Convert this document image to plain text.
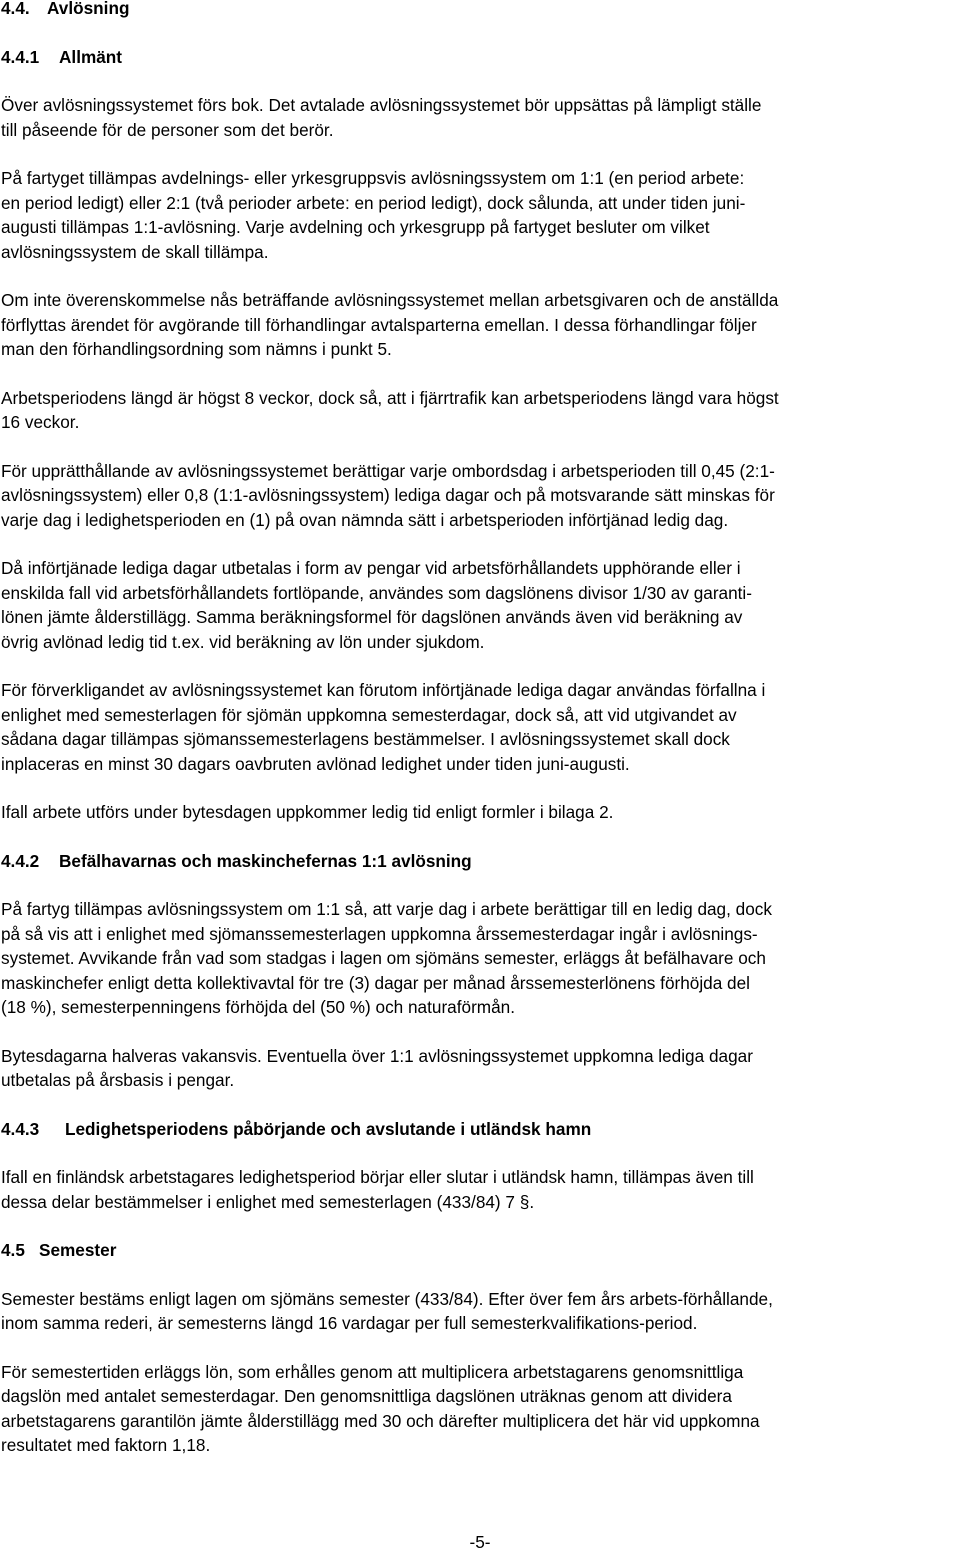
4.4. Avlösning
4.4.1 Allmänt

Över avlösningssystemet förs bok. Det avtalade avlösningssystemet bör uppsättas på lämpligt ställe
till påseende för de personer som det berör.

På fartyget tillämpas avdelnings- eller yrkesgruppsvis avlösningssystem om 1:1 (en period arbete:
en period ledigt) eller 2:1 (två perioder arbete: en period ledigt), dock sålunda, att under tiden juni-
augusti tillämpas 1:1-avlösning. Varje avdelning och yrkesgrupp på fartyget besluter om vilket
avlösningssystem de skall tillämpa.

Om inte överenskommelse nås beträffande avlösningssystemet mellan arbetsgivaren och de anställda
förflyttas ärendet för avgörande till förhandlingar avtalsparterna emellan. I dessa förhandlingar följer
man den förhandlingsordning som nämns i punkt 5.

Arbetsperiodens längd är högst 8 veckor, dock så, att i fjärrtrafik kan arbetsperiodens längd vara högst
16 veckor.

För upprätthållande av avlösningssystemet berättigar varje ombordsdag i arbetsperioden till 0,45 (2:1-
avlösningssystem) eller 0,8 (1:1-avlösningssystem) lediga dagar och på motsvarande sätt minskas för
varje dag i ledighetsperioden en (1) på ovan nämnda sätt i arbetsperioden införtjänad ledig dag.

Då införtjänade lediga dagar utbetalas i form av pengar vid arbetsförhållandets upphörande eller i
enskilda fall vid arbetsförhållandets fortlöpande, användes som dagslönens divisor 1/30 av garanti-
lönen jämte ålderstillägg. Samma beräkningsformel för dagslönen används även vid beräkning av
övrig avlönad ledig tid t.ex. vid beräkning av lön under sjukdom.

För förverkligandet av avlösningssystemet kan förutom införtjänade lediga dagar användas förfallna i
enlighet med semesterlagen för sjömän uppkomna semesterdagar, dock så, att vid utgivandet av
sådana dagar tillämpas sjömanssemesterlagens bestämmelser. I avlösningssystemet skall dock
inplaceras en minst 30 dagars oavbruten avlönad ledighet under tiden juni-augusti.

Ifall arbete utförs under bytesdagen uppkommer ledig tid enligt formler i bilaga 2.

4.4.2 Befälhavarnas och maskinchefernas 1:1 avlösning

På fartyg tillämpas avlösningssystem om 1:1 så, att varje dag i arbete berättigar till en ledig dag, dock
på så vis att i enlighet med sjömanssemesterlagen uppkomna årssemesterdagar ingår i avlösnings-
systemet. Avvikande från vad som stadgas i lagen om sjömäns semester, erläggs åt befälhavare och
maskinchefer enligt detta kollektivavtal för tre (3) dagar per månad årssemesterlönens förhöjda del
(18 %), semesterpenningens förhöjda del (50 %) och naturaförmån.

Bytesdagarna halveras vakansvis. Eventuella över 1:1 avlösningssystemet uppkomna lediga dagar
utbetalas på årsbasis i pengar.

4.4.3 Ledighetsperiodens påbörjande och avslutande i utländsk hamn

Ifall en finländsk arbetstagares ledighetsperiod börjar eller slutar i utländsk hamn, tillämpas även till
dessa delar bestämmelser i enlighet med semesterlagen (433/84) 7 §.

4.5 Semester

Semester bestäms enligt lagen om sjömäns semester (433/84). Efter över fem års arbets-förhållande,
inom samma rederi, är semesterns längd 16 vardagar per full semesterkvalifikations-period.

För semestertiden erläggs lön, som erhålles genom att multiplicera arbetstagarens genomsnittliga
dagslön med antalet semesterdagar. Den genomsnittliga dagslönen uträknas genom att dividera
arbetstagarens garantilön jämte ålderstillägg med 30 och därefter multiplicera det här vid uppkomna
resultatet med faktorn 1,18.

-5-
